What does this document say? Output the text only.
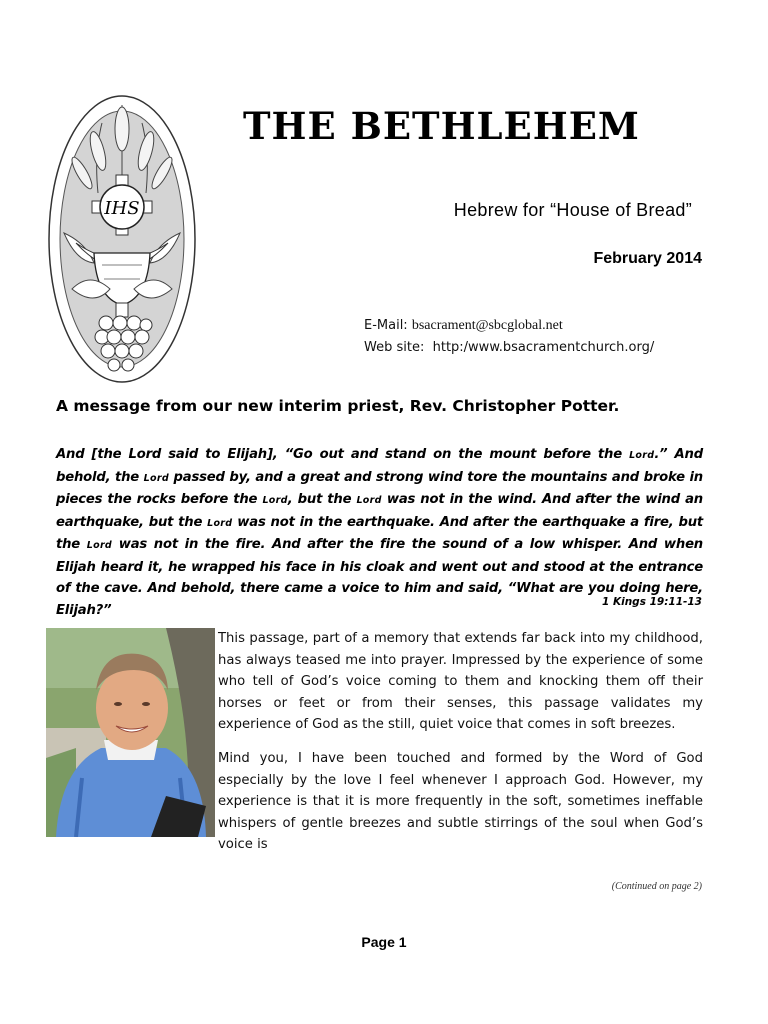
IHS
THE BETHLEHEM
Hebrew for “House of Bread”
February 2014
E-Mail: bsacrament@sbcglobal.net
Web site: http:/www.bsacramentchurch.org/
A message from our new interim priest, Rev. Christopher Potter.

And [the Lord said to Elijah], “Go out and stand on the mount before the Lord.” And behold, the Lord passed by, and a great and strong wind tore the mountains and broke in pieces the rocks before the Lord, but the Lord was not in the wind. And after the wind an earthquake, but the Lord was not in the earthquake. And after the earthquake a fire, but the Lord was not in the fire. And after the fire the sound of a low whisper. And when Elijah heard it, he wrapped his face in his cloak and went out and stood at the entrance of the cave. And behold, there came a voice to him and said, “What are you doing here, Elijah?”

1 Kings 19:11-13

This passage, part of a memory that extends far back into my childhood, has always teased me into prayer. Impressed by the experience of some who tell of God’s voice coming to them and knocking them off their horses or feet or from their senses, this passage validates my experience of God as the still, quiet voice that comes in soft breezes.

Mind you, I have been touched and formed by the Word of God especially by the love I feel whenever I approach God. However, my experience is that it is more frequently in the soft, sometimes ineffable whispers of gentle breezes and subtle stirrings of the soul when God’s voice is

(Continued on page 2)
Page 1
